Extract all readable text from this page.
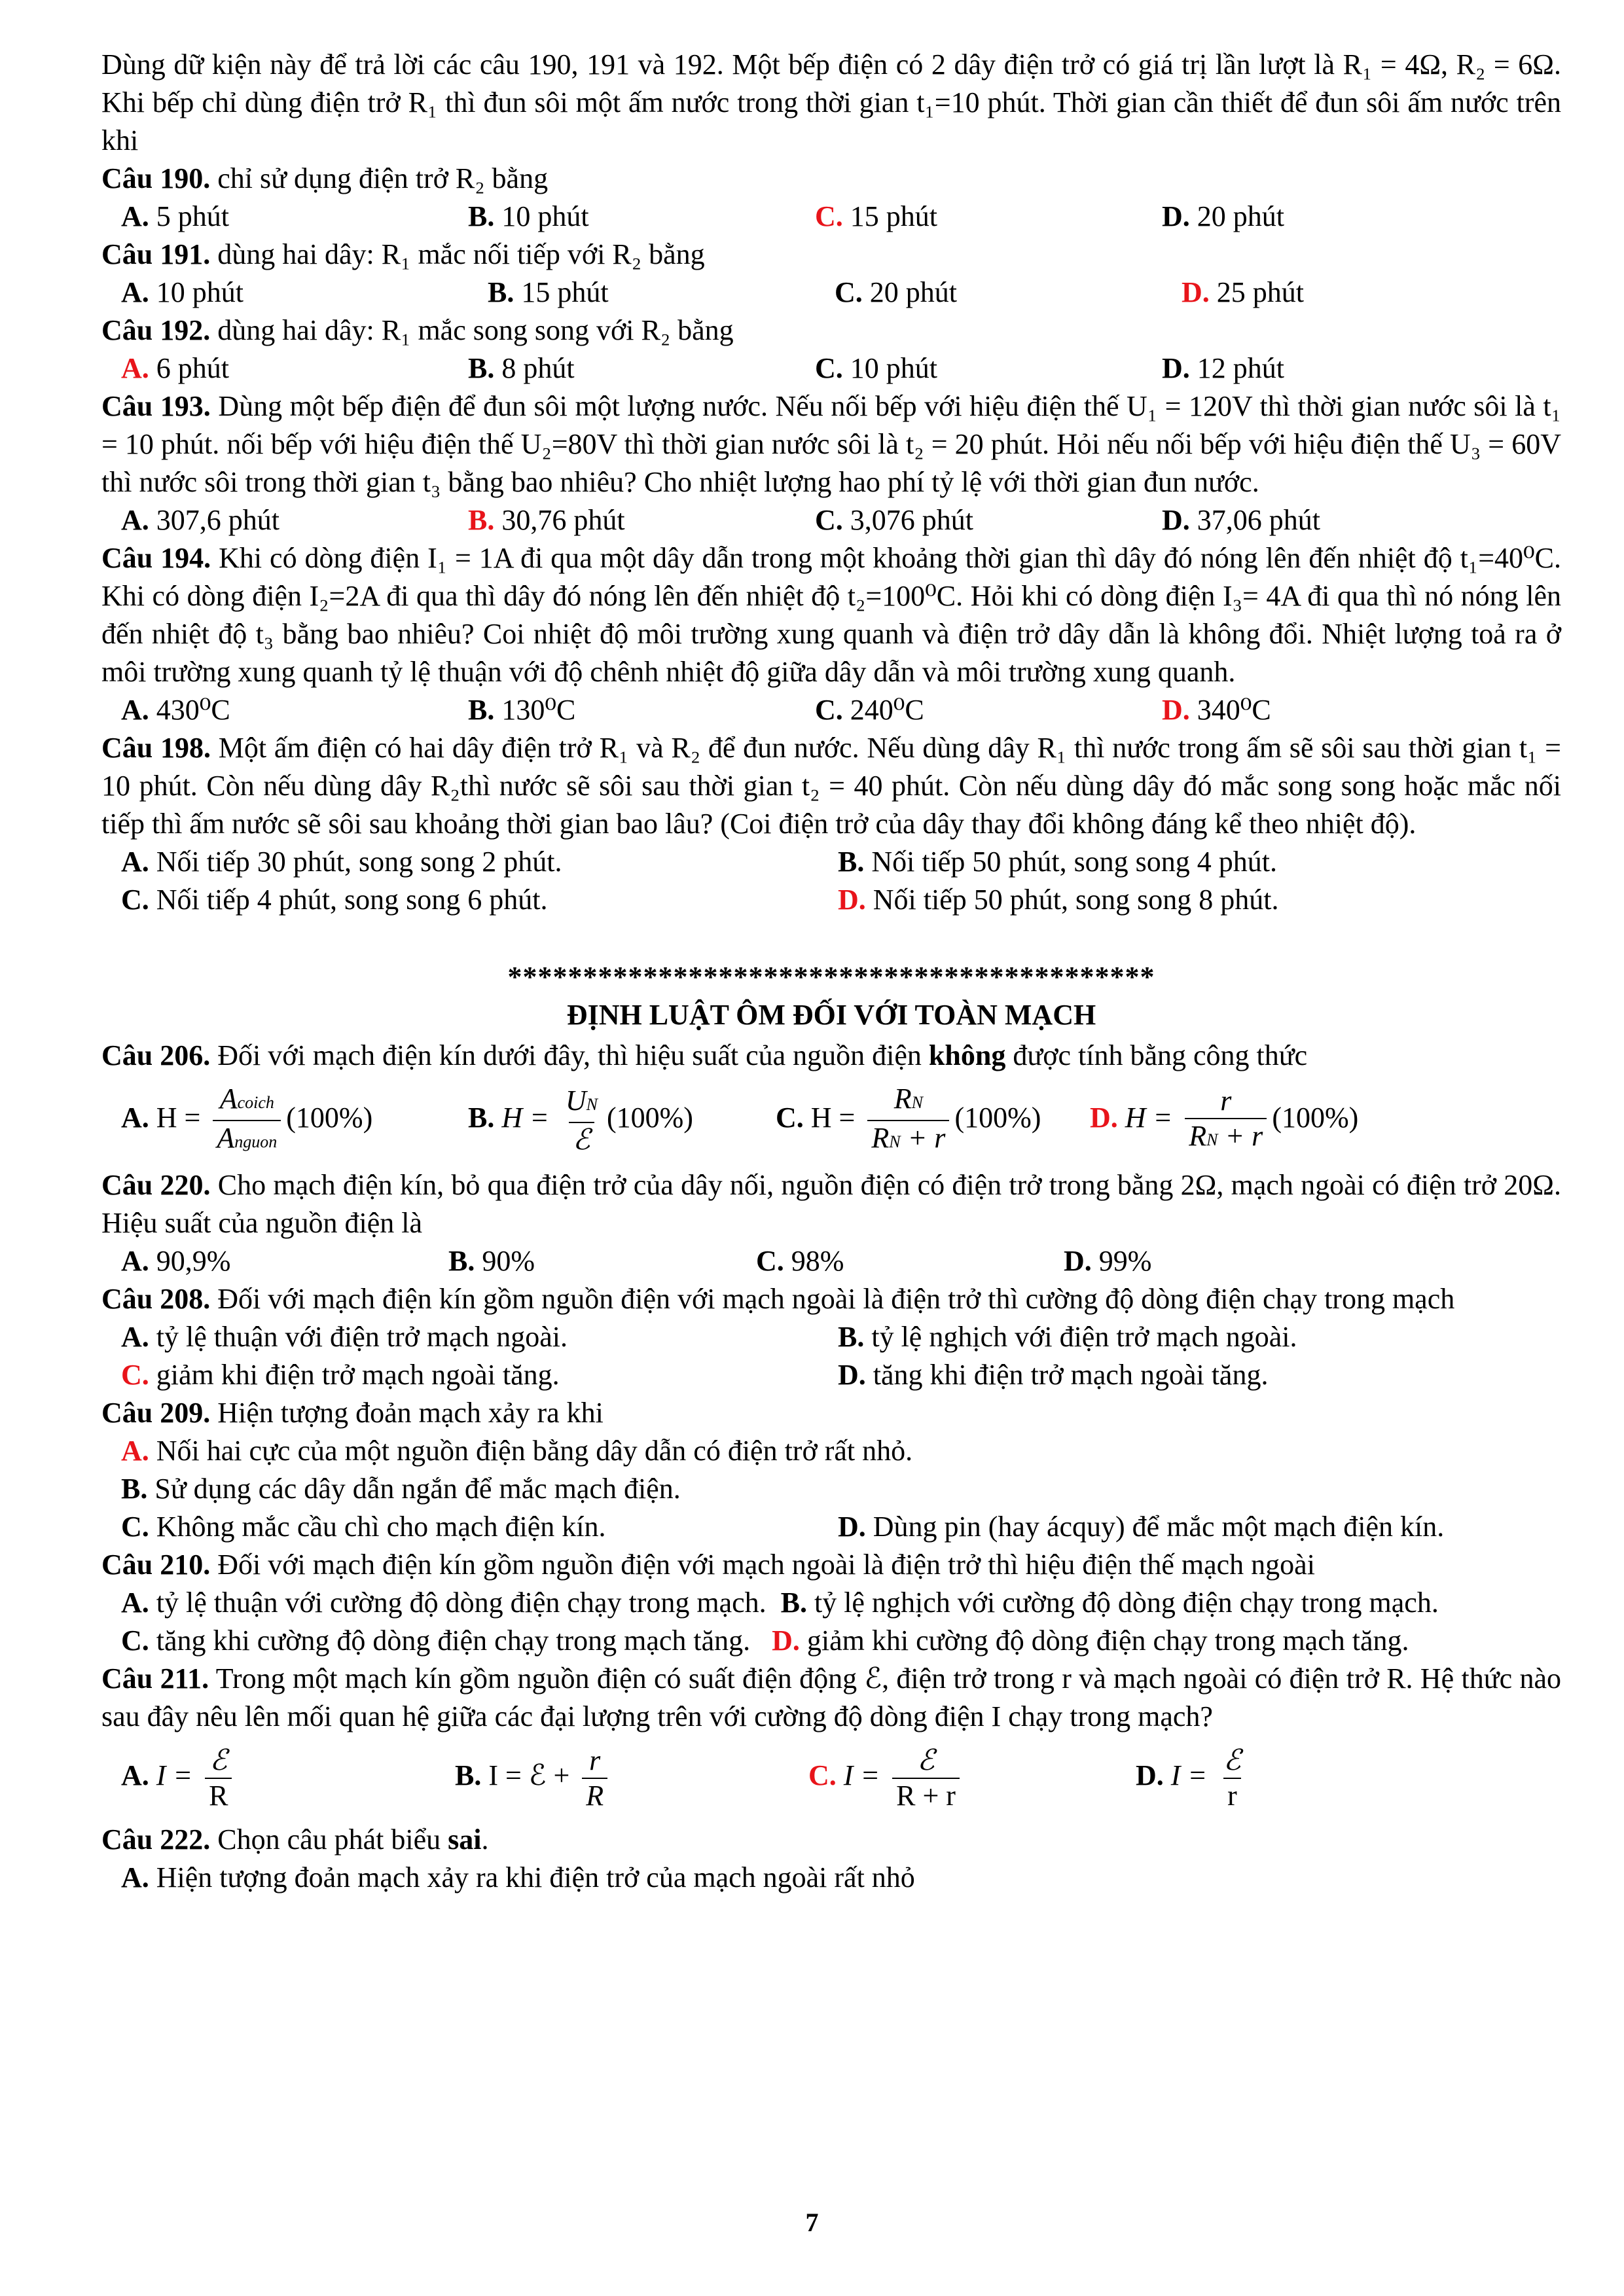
Dùng dữ kiện này để trả lời các câu 190, 191 và 192. Một bếp điện có 2 dây điện trở có giá trị lần lượt là R₁ = 4Ω, R₂ = 6Ω. Khi bếp chỉ dùng điện trở R₁ thì đun sôi một ấm nước trong thời gian t₁=10 phút. Thời gian cần thiết để đun sôi ấm nước trên khi

Câu 190. chỉ sử dụng điện trở R₂ bằng

A. 5 phút	B. 10 phút	C. 15 phút	D. 20 phút

Câu 191. dùng hai dây: R₁ mắc nối tiếp với R₂ bằng

A. 10 phút	B. 15 phút	C. 20 phút	D. 25 phút

Câu 192. dùng hai dây: R₁ mắc song song với R₂ bằng

A. 6 phút	B. 8 phút	C. 10 phút	D. 12 phút

Câu 193. Dùng một bếp điện để đun sôi một lượng nước. Nếu nối bếp với hiệu điện thế U₁ = 120V thì thời gian nước sôi là t₁ = 10 phút. nối bếp với hiệu điện thế U₂=80V thì thời gian nước sôi là t₂ = 20 phút. Hỏi nếu nối bếp với hiệu điện thế U₃ = 60V thì nước sôi trong thời gian t₃ bằng bao nhiêu? Cho nhiệt lượng hao phí tỷ lệ với thời gian đun nước.

A. 307,6 phút	B. 30,76 phút	C. 3,076 phút	D. 37,06 phút

Câu 194. Khi có dòng điện I₁ = 1A đi qua một dây dẫn trong một khoảng thời gian thì dây đó nóng lên đến nhiệt độ t₁=40⁰C. Khi có dòng điện I₂=2A đi qua thì dây đó nóng lên đến nhiệt độ t₂=100⁰C. Hỏi khi có dòng điện I₃= 4A đi qua thì nó nóng lên đến nhiệt độ t₃ bằng bao nhiêu? Coi nhiệt độ môi trường xung quanh và điện trở dây dẫn là không đổi. Nhiệt lượng toả ra ở môi trường xung quanh tỷ lệ thuận với độ chênh nhiệt độ giữa dây dẫn và môi trường xung quanh.

A. 430⁰C	B. 130⁰C	C. 240⁰C	D. 340⁰C

Câu 198. Một ấm điện có hai dây điện trở R₁ và R₂ để đun nước. Nếu dùng dây R₁ thì nước trong ấm sẽ sôi sau thời gian t₁ = 10 phút. Còn nếu dùng dây R₂thì nước sẽ sôi sau thời gian t₂ = 40 phút. Còn nếu dùng dây đó mắc song song hoặc mắc nối tiếp thì ấm nước sẽ sôi sau khoảng thời gian bao lâu? (Coi điện trở của dây thay đổi không đáng kể theo nhiệt độ).

A. Nối tiếp 30 phút, song song 2 phút.	B. Nối tiếp 50 phút, song song 4 phút.
C. Nối tiếp 4 phút, song song 6 phút.	D. Nối tiếp 50 phút, song song 8 phút.
*******************************************
ĐỊNH LUẬT ÔM ĐỐI VỚI TOÀN MẠCH

Câu 206. Đối với mạch điện kín dưới đây, thì hiệu suất của nguồn điện không được tính bằng công thức

A. $H = \frac{\text{Acoich}}{\text{Anguon}} (100\%)$	B. $H = \frac{UN}{\text{ℰ}} (100\%)$	C. $H = \frac{RN}{RN + r} (100\%)$	D. $H = \frac{r}{RN + r} (100\%)$

Câu 220. Cho mạch điện kín, bỏ qua điện trở của dây nối, nguồn điện có điện trở trong bằng 2Ω, mạch ngoài có điện trở 20Ω. Hiệu suất của nguồn điện là

A. 90,9%	B. 90%	C. 98%	D. 99%

Câu 208. Đối với mạch điện kín gồm nguồn điện với mạch ngoài là điện trở thì cường độ dòng điện chạy trong mạch

A. tỷ lệ thuận với điện trở mạch ngoài.	B. tỷ lệ nghịch với điện trở mạch ngoài.
C. giảm khi điện trở mạch ngoài tăng.	D. tăng khi điện trở mạch ngoài tăng.

Câu 209. Hiện tượng đoản mạch xảy ra khi

A. Nối hai cực của một nguồn điện bằng dây dẫn có điện trở rất nhỏ.
B. Sử dụng các dây dẫn ngắn để mắc mạch điện.
C. Không mắc cầu chì cho mạch điện kín.	D. Dùng pin (hay ácquy) để mắc một mạch điện kín.

Câu 210. Đối với mạch điện kín gồm nguồn điện với mạch ngoài là điện trở thì hiệu điện thế mạch ngoài

A. tỷ lệ thuận với cường độ dòng điện chạy trong mạch. B. tỷ lệ nghịch với cường độ dòng điện chạy trong mạch.

C. tăng khi cường độ dòng điện chạy trong mạch tăng. D. giảm khi cường độ dòng điện chạy trong mạch tăng.

Câu 211. Trong một mạch kín gồm nguồn điện có suất điện động ℰ, điện trở trong r và mạch ngoài có điện trở R. Hệ thức nào sau đây nêu lên mối quan hệ giữa các đại lượng trên với cường độ dòng điện I chạy trong mạch?

A. $I = \frac{\text{ℰ}}{R}$	B. I = ℰ + $\frac{r}{R}$	C. $I = \frac{\text{ℰ}}{R + r}$	D. $I = \frac{\text{ℰ}}{r}$

Câu 222. Chọn câu phát biểu sai.

A. Hiện tượng đoản mạch xảy ra khi điện trở của mạch ngoài rất nhỏ
7
